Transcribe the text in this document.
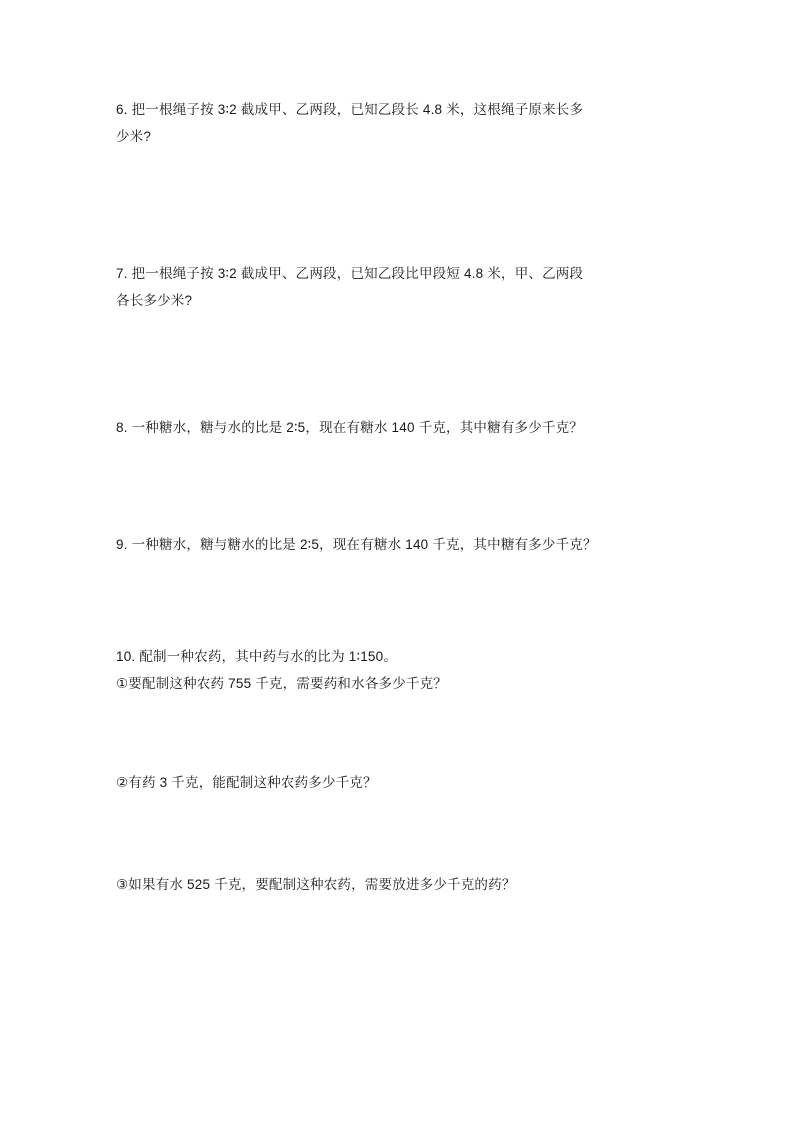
6. 把一根绳子按 3∶2 截成甲、乙两段，已知乙段长 4.8 米，这根绳子原来长多
少米?
7. 把一根绳子按 3∶2 截成甲、乙两段，已知乙段比甲段短 4.8 米，甲、乙两段
各长多少米?
8. 一种糖水，糖与水的比是 2∶5，现在有糖水 140 千克，其中糖有多少千克？
9. 一种糖水，糖与糖水的比是 2∶5，现在有糖水 140 千克，其中糖有多少千克？
10. 配制一种农药，其中药与水的比为 1∶150。
①要配制这种农药 755 千克，需要药和水各多少千克？
②有药 3 千克，能配制这种农药多少千克？
③如果有水 525 千克，要配制这种农药，需要放进多少千克的药？
